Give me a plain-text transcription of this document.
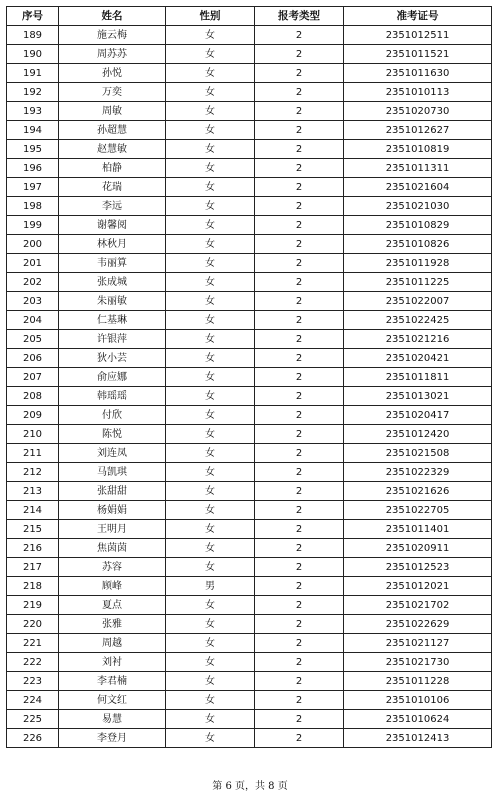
序号	姓名	性别	报考类型	准考证号
189	施云梅	女	2	2351012511
190	周苏苏	女	2	2351011521
191	孙悦	女	2	2351011630
192	万奕	女	2	2351010113
193	周敏	女	2	2351020730
194	孙超慧	女	2	2351012627
195	赵慧敏	女	2	2351010819
196	柏静	女	2	2351011311
197	花瑞	女	2	2351021604
198	李远	女	2	2351021030
199	谢馨阅	女	2	2351010829
200	林秋月	女	2	2351010826
201	韦丽算	女	2	2351011928
202	张成城	女	2	2351011225
203	朱丽敏	女	2	2351022007
204	仁基琳	女	2	2351022425
205	许银萍	女	2	2351021216
206	狄小芸	女	2	2351020421
207	俞应娜	女	2	2351011811
208	韩瑶瑶	女	2	2351013021
209	付欣	女	2	2351020417
210	陈悦	女	2	2351012420
211	刘连凤	女	2	2351021508
212	马凯琪	女	2	2351022329
213	张甜甜	女	2	2351021626
214	杨娟娟	女	2	2351022705
215	王明月	女	2	2351011401
216	焦茵茵	女	2	2351020911
217	苏容	女	2	2351012523
218	顾峰	男	2	2351012021
219	夏点	女	2	2351021702
220	张雅	女	2	2351022629
221	周越	女	2	2351021127
222	刘衬	女	2	2351021730
223	李君楠	女	2	2351011228
224	何文红	女	2	2351010106
225	易慧	女	2	2351010624
226	李登月	女	2	2351012413
第 6 页，共 8 页
